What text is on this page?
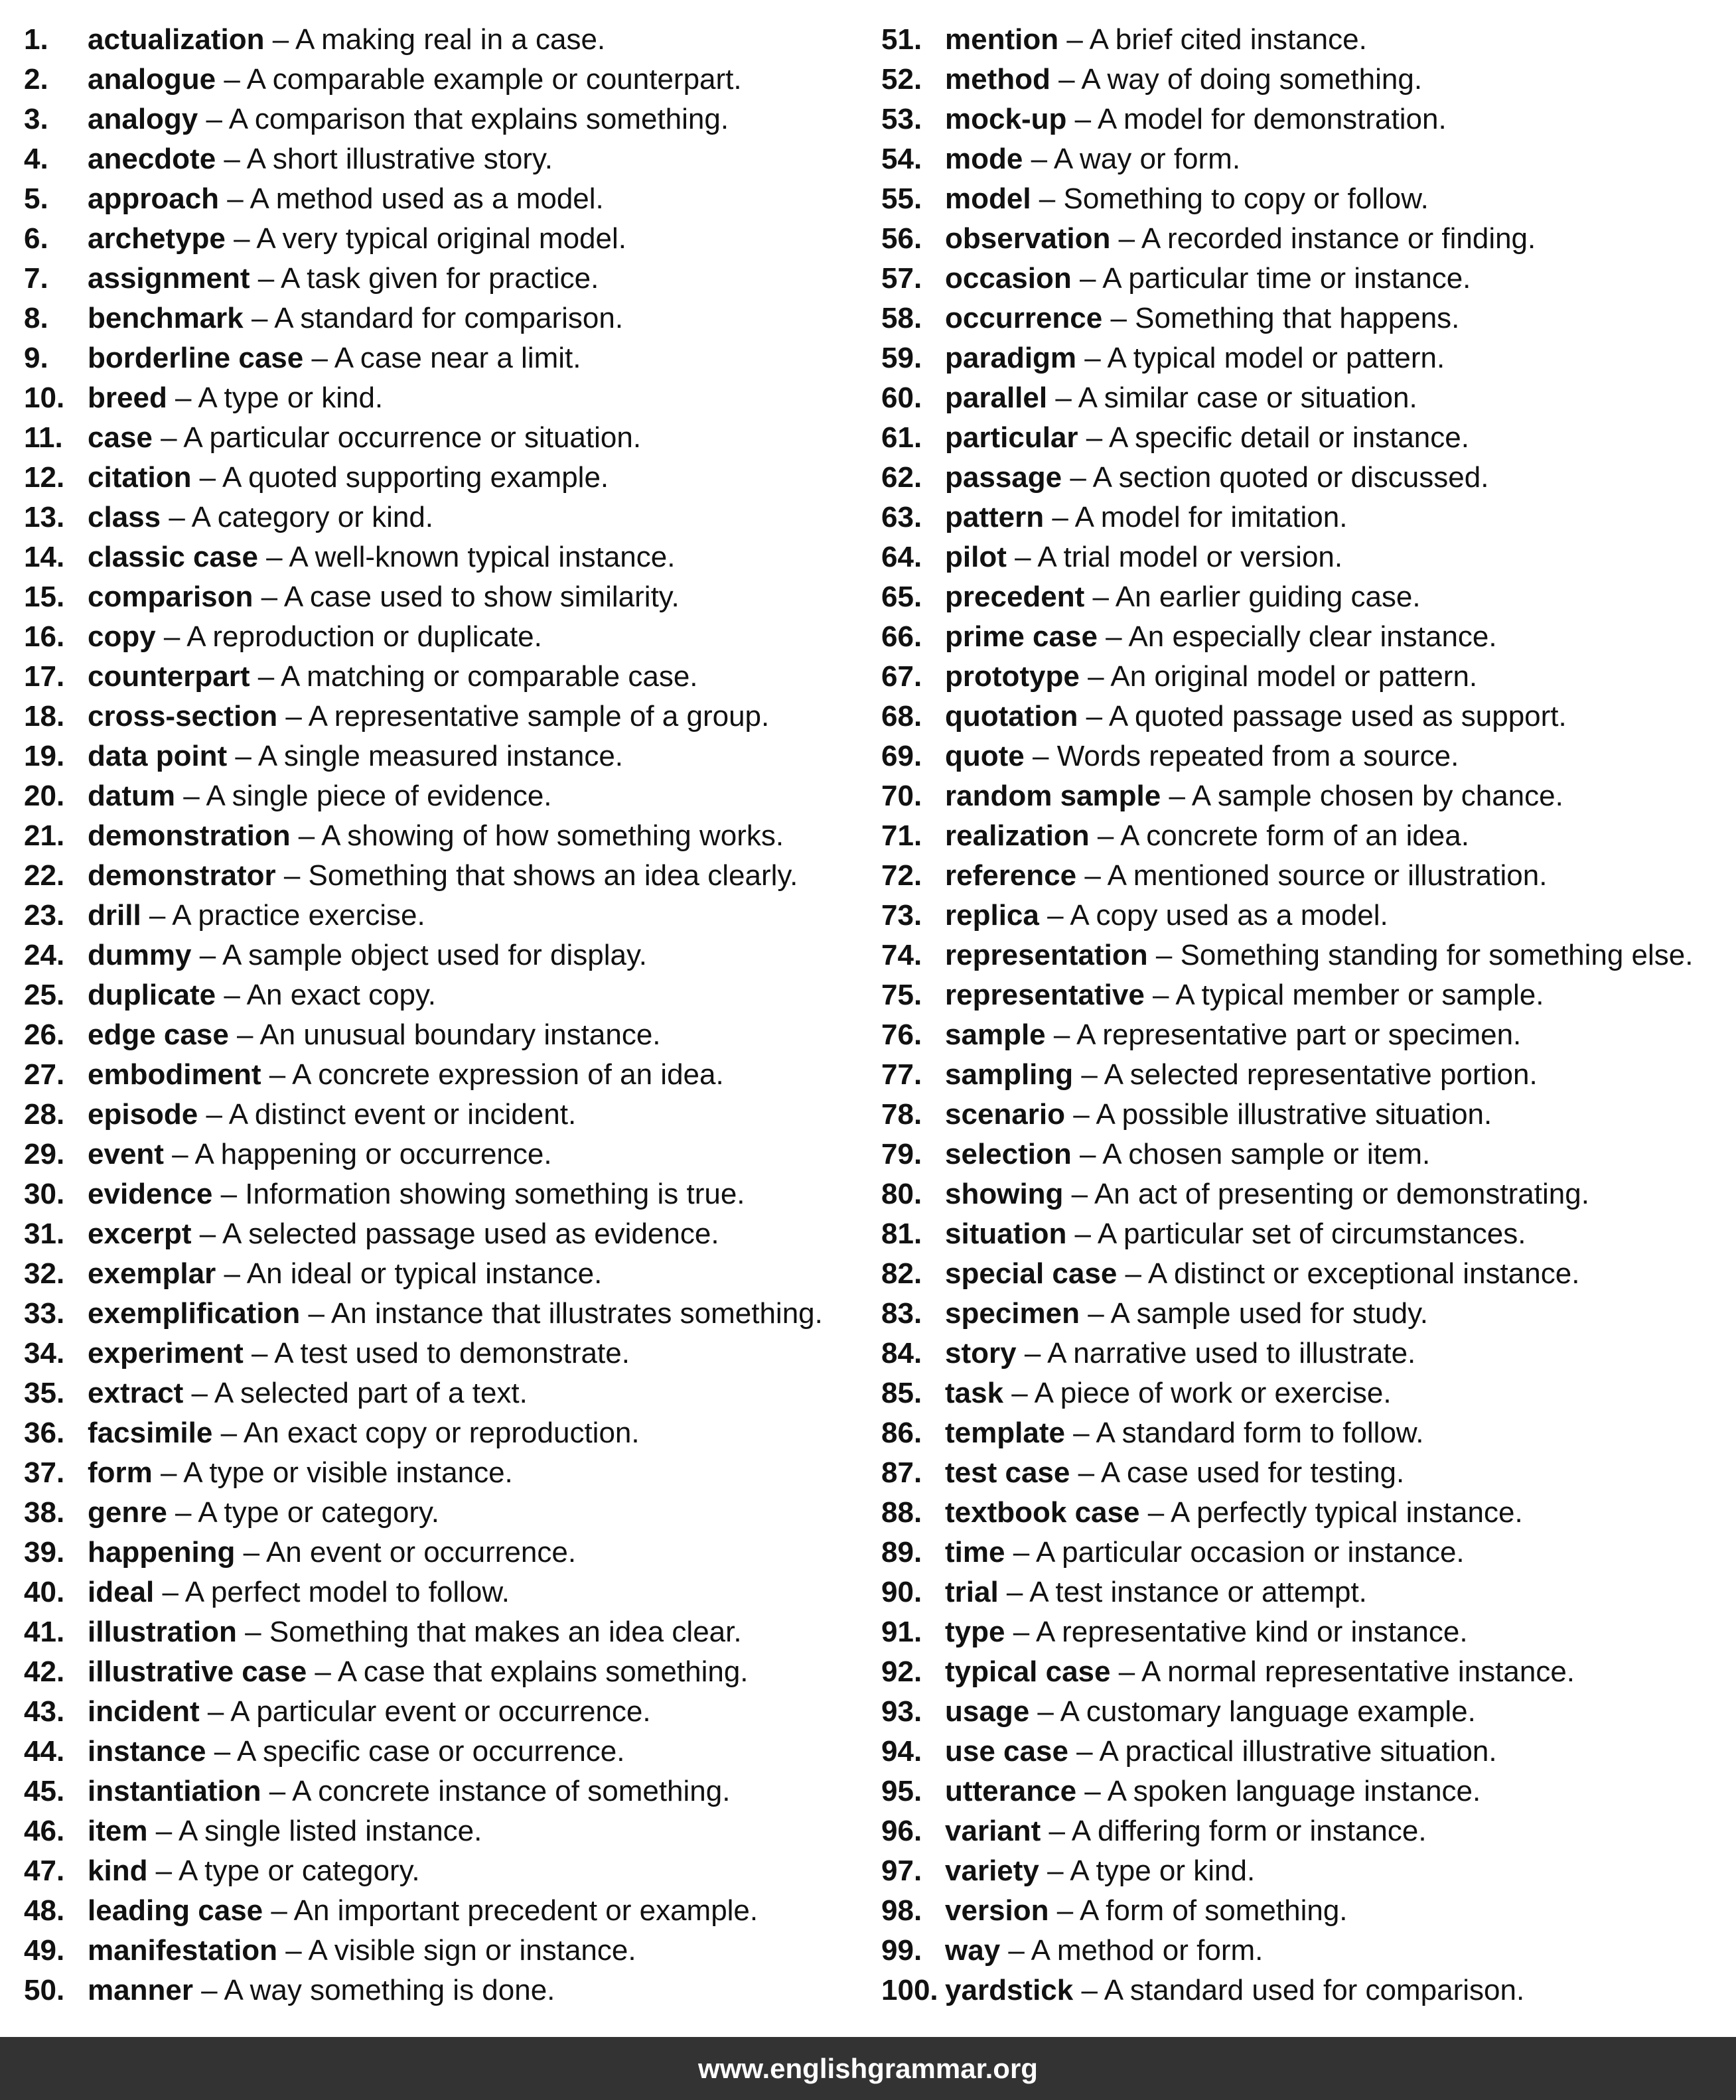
1. actualization – A making real in a case.
2. analogue – A comparable example or counterpart.
3. analogy – A comparison that explains something.
4. anecdote – A short illustrative story.
5. approach – A method used as a model.
6. archetype – A very typical original model.
7. assignment – A task given for practice.
8. benchmark – A standard for comparison.
9. borderline case – A case near a limit.
10. breed – A type or kind.
11. case – A particular occurrence or situation.
12. citation – A quoted supporting example.
13. class – A category or kind.
14. classic case – A well-known typical instance.
15. comparison – A case used to show similarity.
16. copy – A reproduction or duplicate.
17. counterpart – A matching or comparable case.
18. cross-section – A representative sample of a group.
19. data point – A single measured instance.
20. datum – A single piece of evidence.
21. demonstration – A showing of how something works.
22. demonstrator – Something that shows an idea clearly.
23. drill – A practice exercise.
24. dummy – A sample object used for display.
25. duplicate – An exact copy.
26. edge case – An unusual boundary instance.
27. embodiment – A concrete expression of an idea.
28. episode – A distinct event or incident.
29. event – A happening or occurrence.
30. evidence – Information showing something is true.
31. excerpt – A selected passage used as evidence.
32. exemplar – An ideal or typical instance.
33. exemplification – An instance that illustrates something.
34. experiment – A test used to demonstrate.
35. extract – A selected part of a text.
36. facsimile – An exact copy or reproduction.
37. form – A type or visible instance.
38. genre – A type or category.
39. happening – An event or occurrence.
40. ideal – A perfect model to follow.
41. illustration – Something that makes an idea clear.
42. illustrative case – A case that explains something.
43. incident – A particular event or occurrence.
44. instance – A specific case or occurrence.
45. instantiation – A concrete instance of something.
46. item – A single listed instance.
47. kind – A type or category.
48. leading case – An important precedent or example.
49. manifestation – A visible sign or instance.
50. manner – A way something is done.
51. mention – A brief cited instance.
52. method – A way of doing something.
53. mock-up – A model for demonstration.
54. mode – A way or form.
55. model – Something to copy or follow.
56. observation – A recorded instance or finding.
57. occasion – A particular time or instance.
58. occurrence – Something that happens.
59. paradigm – A typical model or pattern.
60. parallel – A similar case or situation.
61. particular – A specific detail or instance.
62. passage – A section quoted or discussed.
63. pattern – A model for imitation.
64. pilot – A trial model or version.
65. precedent – An earlier guiding case.
66. prime case – An especially clear instance.
67. prototype – An original model or pattern.
68. quotation – A quoted passage used as support.
69. quote – Words repeated from a source.
70. random sample – A sample chosen by chance.
71. realization – A concrete form of an idea.
72. reference – A mentioned source or illustration.
73. replica – A copy used as a model.
74. representation – Something standing for something else.
75. representative – A typical member or sample.
76. sample – A representative part or specimen.
77. sampling – A selected representative portion.
78. scenario – A possible illustrative situation.
79. selection – A chosen sample or item.
80. showing – An act of presenting or demonstrating.
81. situation – A particular set of circumstances.
82. special case – A distinct or exceptional instance.
83. specimen – A sample used for study.
84. story – A narrative used to illustrate.
85. task – A piece of work or exercise.
86. template – A standard form to follow.
87. test case – A case used for testing.
88. textbook case – A perfectly typical instance.
89. time – A particular occasion or instance.
90. trial – A test instance or attempt.
91. type – A representative kind or instance.
92. typical case – A normal representative instance.
93. usage – A customary language example.
94. use case – A practical illustrative situation.
95. utterance – A spoken language instance.
96. variant – A differing form or instance.
97. variety – A type or kind.
98. version – A form of something.
99. way – A method or form.
100. yardstick – A standard used for comparison.
www.englishgrammar.org
